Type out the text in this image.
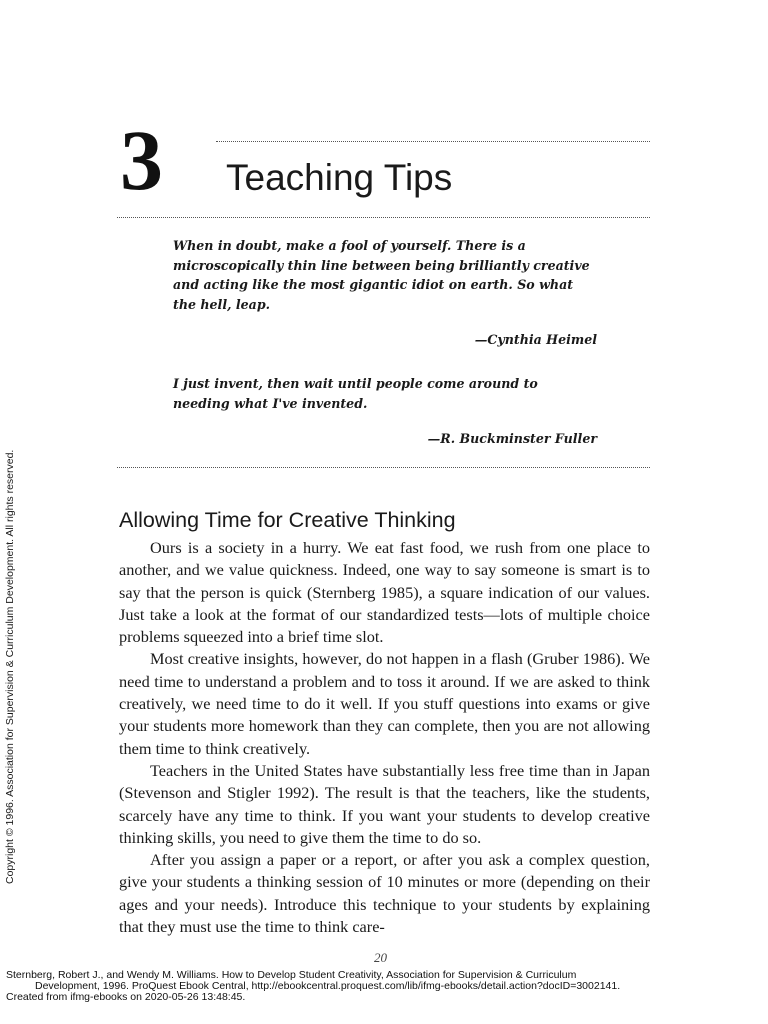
3 Teaching Tips

When in doubt, make a fool of yourself. There is a microscopically thin line between being brilliantly creative and acting like the most gigantic idiot on earth. So what the hell, leap.

—Cynthia Heimel

I just invent, then wait until people come around to needing what I've invented.

—R. Buckminster Fuller
Allowing Time for Creative Thinking

Ours is a society in a hurry. We eat fast food, we rush from one place to another, and we value quickness. Indeed, one way to say someone is smart is to say that the person is quick (Sternberg 1985), a square indication of our values. Just take a look at the format of our standardized tests—lots of multiple choice problems squeezed into a brief time slot.

Most creative insights, however, do not happen in a flash (Gruber 1986). We need time to understand a problem and to toss it around. If we are asked to think creatively, we need time to do it well. If you stuff questions into exams or give your students more homework than they can complete, then you are not allowing them time to think creatively.

Teachers in the United States have substantially less free time than in Japan (Stevenson and Stigler 1992). The result is that the teachers, like the students, scarcely have any time to think. If you want your students to develop creative thinking skills, you need to give them the time to do so.

After you assign a paper or a report, or after you ask a complex question, give your students a thinking session of 10 minutes or more (depending on their ages and your needs). Introduce this technique to your students by explaining that they must use the time to think care-

Copyright © 1996. Association for Supervision & Curriculum Development. All rights reserved.
20
Sternberg, Robert J., and Wendy M. Williams. How to Develop Student Creativity, Association for Supervision & Curriculum
Development, 1996. ProQuest Ebook Central, http://ebookcentral.proquest.com/lib/ifmg-ebooks/detail.action?docID=3002141.
Created from ifmg-ebooks on 2020-05-26 13:48:45.
